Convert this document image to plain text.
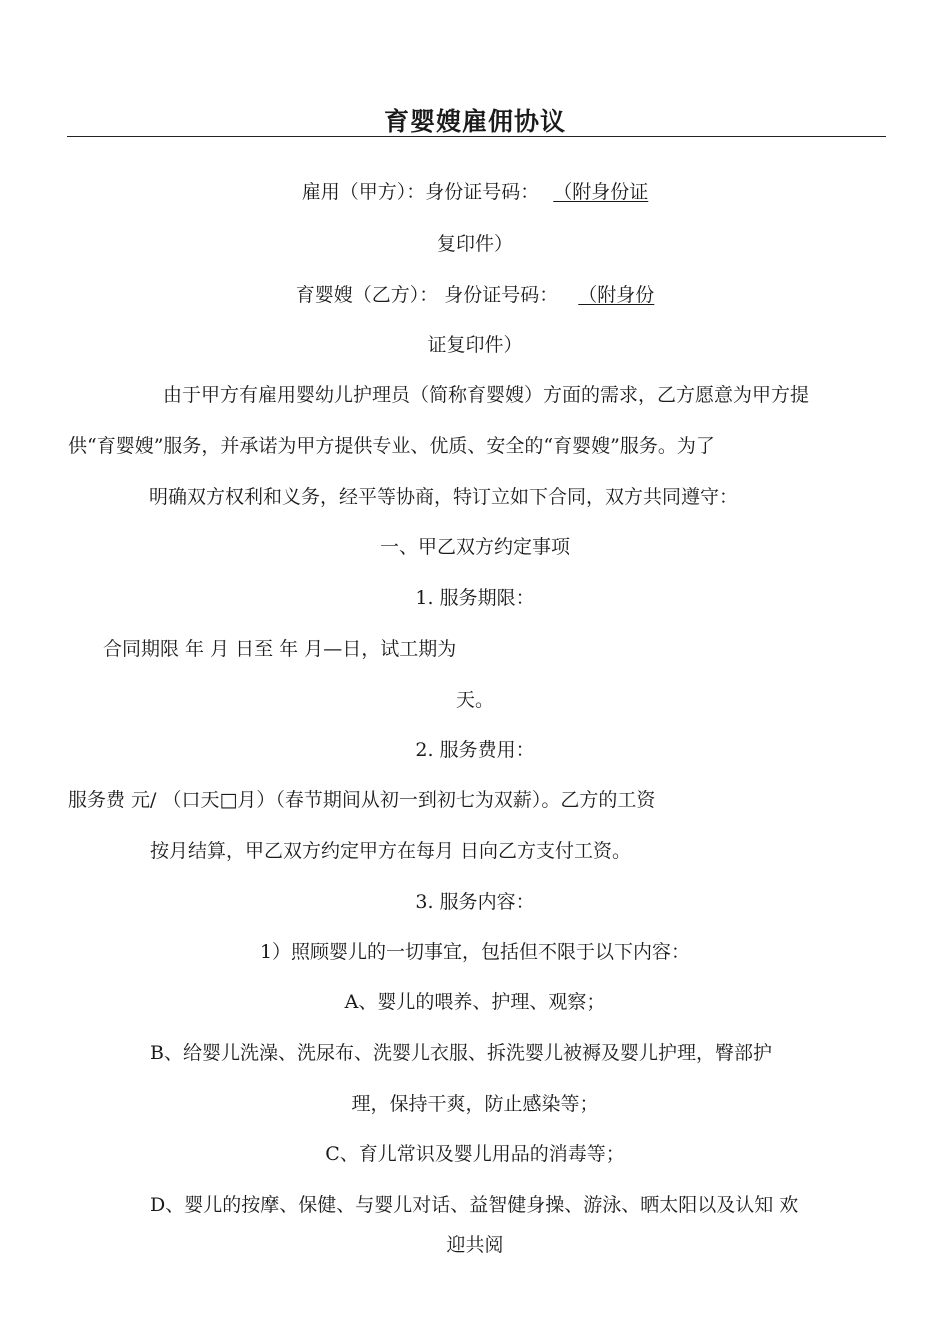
育婴嫂雇佣协议
雇用（甲方）：身份证号码： （附身份证
复印件）
育婴嫂（乙方）： 身份证号码： （附身份
证复印件）
由于甲方有雇用婴幼儿护理员（简称育婴嫂）方面的需求，乙方愿意为甲方提
供“育婴嫂”服务，并承诺为甲方提供专业、优质、安全的“育婴嫂”服务。为了
明确双方权利和义务，经平等协商，特订立如下合同，双方共同遵守：
一、甲乙双方约定事项
1. 服务期限：
合同期限 年 月 日至 年 月—日，试工期为
天。
2. 服务费用：
服务费 元/ （口天□月）（春节期间从初一到初七为双薪）。乙方的工资
按月结算，甲乙双方约定甲方在每月 日向乙方支付工资。
3. 服务内容：
1）照顾婴儿的一切事宜，包括但不限于以下内容：
A、婴儿的喂养、护理、观察；
B、给婴儿洗澡、洗尿布、洗婴儿衣服、拆洗婴儿被褥及婴儿护理，臀部护
理，保持干爽，防止感染等；
C、育儿常识及婴儿用品的消毒等；
D、婴儿的按摩、保健、与婴儿对话、益智健身操、游泳、晒太阳以及认知 欢
迎共阅
